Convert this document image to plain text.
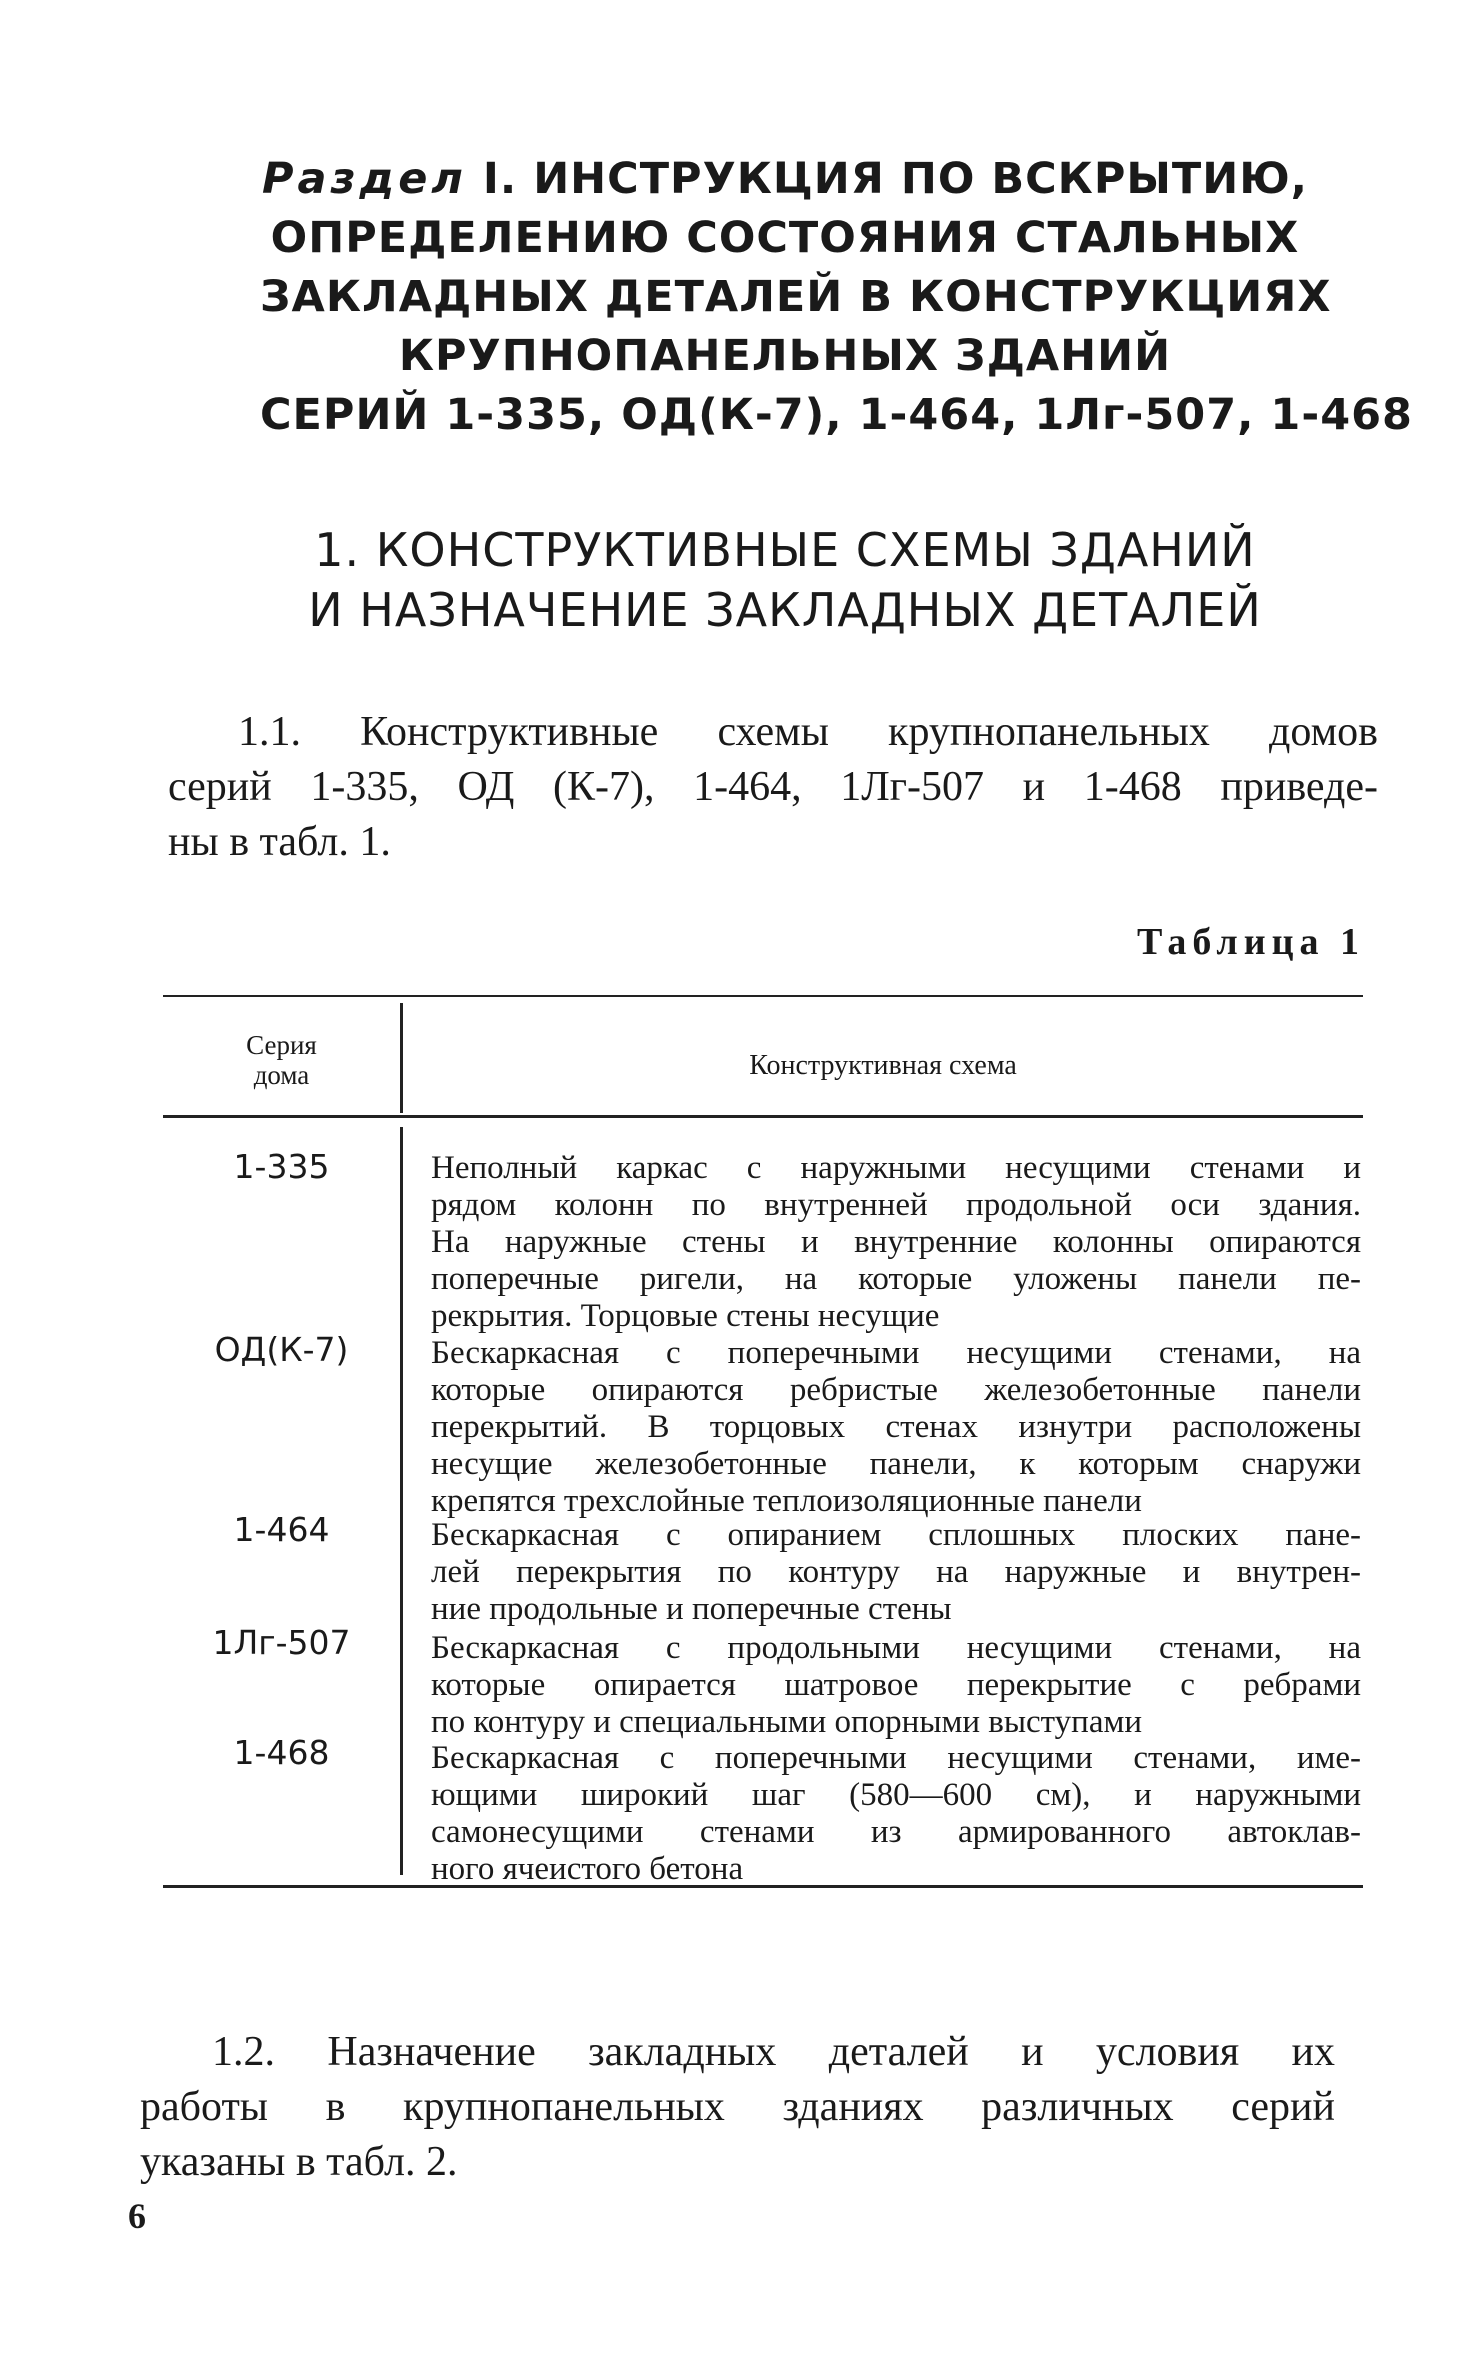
Раздел I. ИНСТРУКЦИЯ ПО ВСКРЫТИЮ,
ОПРЕДЕЛЕНИЮ СОСТОЯНИЯ СТАЛЬНЫХ
ЗАКЛАДНЫХ ДЕТАЛЕЙ В КОНСТРУКЦИЯХ
КРУПНОПАНЕЛЬНЫХ ЗДАНИЙ
СЕРИЙ 1-335, ОД(К-7), 1-464, 1Лг-507, 1-468
1. КОНСТРУКТИВНЫЕ СХЕМЫ ЗДАНИЙ
И НАЗНАЧЕНИЕ ЗАКЛАДНЫХ ДЕТАЛЕЙ
1.1. Конструктивные схемы крупнопанельных домов
серий 1-335, ОД (К-7), 1-464, 1Лг-507 и 1-468 приведе-
ны в табл. 1.
Таблица 1
Серия
дома	Конструктивная схема
1-335	Неполный каркас с наружными несущими стенами и
рядом колонн по внутренней продольной оси здания.
На наружные стены и внутренние колонны опираются
поперечные ригели, на которые уложены панели пе-
рекрытия. Торцовые стены несущие
ОД(К-7)	Бескаркасная с поперечными несущими стенами, на
которые опираются ребристые железобетонные панели
перекрытий. В торцовых стенах изнутри расположены
несущие железобетонные панели, к которым снаружи
крепятся трехслойные теплоизоляционные панели
1-464	Бескаркасная с опиранием сплошных плоских пане-
лей перекрытия по контуру на наружные и внутрен-
ние продольные и поперечные стены
1Лг-507	Бескаркасная с продольными несущими стенами, на
которые опирается шатровое перекрытие с ребрами
по контуру и специальными опорными выступами
1-468	Бескаркасная с поперечными несущими стенами, име-
ющими широкий шаг (580—600 см), и наружными
самонесущими стенами из армированного автоклав-
ного ячеистого бетона
1.2. Назначение закладных деталей и условия их
работы в крупнопанельных зданиях различных серий
указаны в табл. 2.
6
